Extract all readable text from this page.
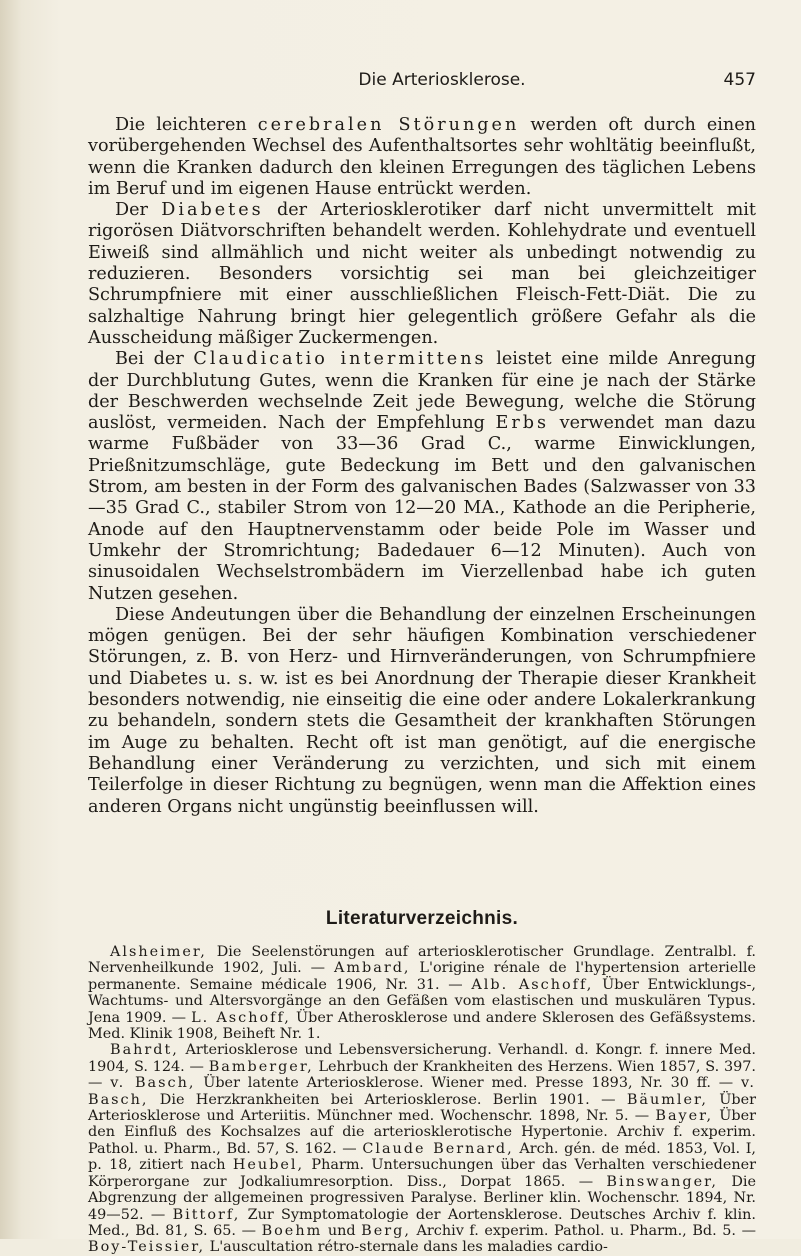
Die Arteriosklerose.	457

Die leichteren cerebralen Störungen werden oft durch einen vorübergehenden Wechsel des Aufenthaltsortes sehr wohltätig beeinflußt, wenn die Kranken dadurch den kleinen Erregungen des täglichen Lebens im Beruf und im eigenen Hause entrückt werden.

Der Diabetes der Arteriosklerotiker darf nicht unvermittelt mit rigorösen Diätvorschriften behandelt werden. Kohlehydrate und eventuell Eiweiß sind allmählich und nicht weiter als unbedingt notwendig zu reduzieren. Besonders vorsichtig sei man bei gleichzeitiger Schrumpfniere mit einer ausschließlichen Fleisch-Fett-Diät. Die zu salzhaltige Nahrung bringt hier gelegentlich größere Gefahr als die Ausscheidung mäßiger Zuckermengen.

Bei der Claudicatio intermittens leistet eine milde Anregung der Durchblutung Gutes, wenn die Kranken für eine je nach der Stärke der Beschwerden wechselnde Zeit jede Bewegung, welche die Störung auslöst, vermeiden. Nach der Empfehlung Erbs verwendet man dazu warme Fußbäder von 33—36 Grad C., warme Einwicklungen, Prießnitzumschläge, gute Bedeckung im Bett und den galvanischen Strom, am besten in der Form des galvanischen Bades (Salzwasser von 33—35 Grad C., stabiler Strom von 12—20 MA., Kathode an die Peripherie, Anode auf den Hauptnervenstamm oder beide Pole im Wasser und Umkehr der Stromrichtung; Badedauer 6—12 Minuten). Auch von sinusoidalen Wechselstrombädern im Vierzellenbad habe ich guten Nutzen gesehen.

Diese Andeutungen über die Behandlung der einzelnen Erscheinungen mögen genügen. Bei der sehr häufigen Kombination verschiedener Störungen, z. B. von Herz- und Hirnveränderungen, von Schrumpfniere und Diabetes u. s. w. ist es bei Anordnung der Therapie dieser Krankheit besonders notwendig, nie einseitig die eine oder andere Lokalerkrankung zu behandeln, sondern stets die Gesamtheit der krankhaften Störungen im Auge zu behalten. Recht oft ist man genötigt, auf die energische Behandlung einer Veränderung zu verzichten, und sich mit einem Teilerfolge in dieser Richtung zu begnügen, wenn man die Affektion eines anderen Organs nicht ungünstig beeinflussen will.

Literaturverzeichnis.

Alsheimer, Die Seelenstörungen auf arteriosklerotischer Grundlage. Zentralbl. f. Nervenheilkunde 1902, Juli. — Ambard, L'origine rénale de l'hypertension arterielle permanente. Semaine médicale 1906, Nr. 31. — Alb. Aschoff, Über Entwicklungs-, Wachtums- und Altersvorgänge an den Gefäßen vom elastischen und muskulären Typus. Jena 1909. — L. Aschoff, Über Atherosklerose und andere Sklerosen des Gefäßsystems. Med. Klinik 1908, Beiheft Nr. 1.

Bahrdt, Arteriosklerose und Lebensversicherung. Verhandl. d. Kongr. f. innere Med. 1904, S. 124. — Bamberger, Lehrbuch der Krankheiten des Herzens. Wien 1857, S. 397. — v. Basch, Über latente Arteriosklerose. Wiener med. Presse 1893, Nr. 30 ff. — v. Basch, Die Herzkrankheiten bei Arteriosklerose. Berlin 1901. — Bäumler, Über Arteriosklerose und Arteriitis. Münchner med. Wochenschr. 1898, Nr. 5. — Bayer, Über den Einfluß des Kochsalzes auf die arteriosklerotische Hypertonie. Archiv f. experim. Pathol. u. Pharm., Bd. 57, S. 162. — Claude Bernard, Arch. gén. de méd. 1853, Vol. I, p. 18, zitiert nach Heubel, Pharm. Untersuchungen über das Verhalten verschiedener Körperorgane zur Jodkaliumresorption. Diss., Dorpat 1865. — Binswanger, Die Abgrenzung der allgemeinen progressiven Paralyse. Berliner klin. Wochenschr. 1894, Nr. 49—52. — Bittorf, Zur Symptomatologie der Aortensklerose. Deutsches Archiv f. klin. Med., Bd. 81, S. 65. — Boehm und Berg, Archiv f. experim. Pathol. u. Pharm., Bd. 5. — Boy-Teissier, L'auscultation rétro-sternale dans les maladies cardio-
